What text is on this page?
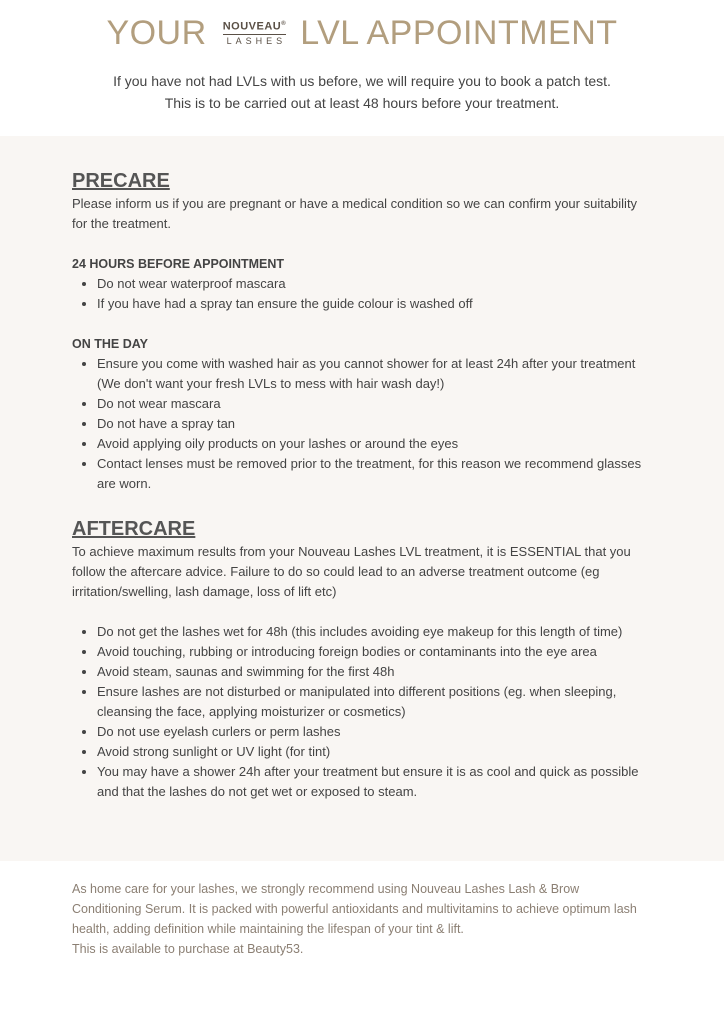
YOUR NOUVEAU®
LASHES LVL APPOINTMENT
If you have not had LVLs with us before, we will require you to book a patch test.
This is to be carried out at least 48 hours before your treatment.
PRECARE

Please inform us if you are pregnant or have a medical condition so we can confirm your suitability for the treatment.

24 HOURS BEFORE APPOINTMENT
• Do not wear waterproof mascara
• If you have had a spray tan ensure the guide colour is washed off
ON THE DAY
• Ensure you come with washed hair as you cannot shower for at least 24h after your treatment (We don't want your fresh LVLs to mess with hair wash day!)
• Do not wear mascara
• Do not have a spray tan
• Avoid applying oily products on your lashes or around the eyes
• Contact lenses must be removed prior to the treatment, for this reason we recommend glasses are worn.
AFTERCARE

To achieve maximum results from your Nouveau Lashes LVL treatment, it is ESSENTIAL that you follow the aftercare advice. Failure to do so could lead to an adverse treatment outcome (eg irritation/swelling, lash damage, loss of lift etc)

• Do not get the lashes wet for 48h (this includes avoiding eye makeup for this length of time)
• Avoid touching, rubbing or introducing foreign bodies or contaminants into the eye area
• Avoid steam, saunas and swimming for the first 48h
• Ensure lashes are not disturbed or manipulated into different positions (eg. when sleeping, cleansing the face, applying moisturizer or cosmetics)
• Do not use eyelash curlers or perm lashes
• Avoid strong sunlight or UV light (for tint)
• You may have a shower 24h after your treatment but ensure it is as cool and quick as possible and that the lashes do not get wet or exposed to steam.

As home care for your lashes, we strongly recommend using Nouveau Lashes Lash & Brow Conditioning Serum. It is packed with powerful antioxidants and multivitamins to achieve optimum lash health, adding definition while maintaining the lifespan of your tint & lift.

This is available to purchase at Beauty53.
